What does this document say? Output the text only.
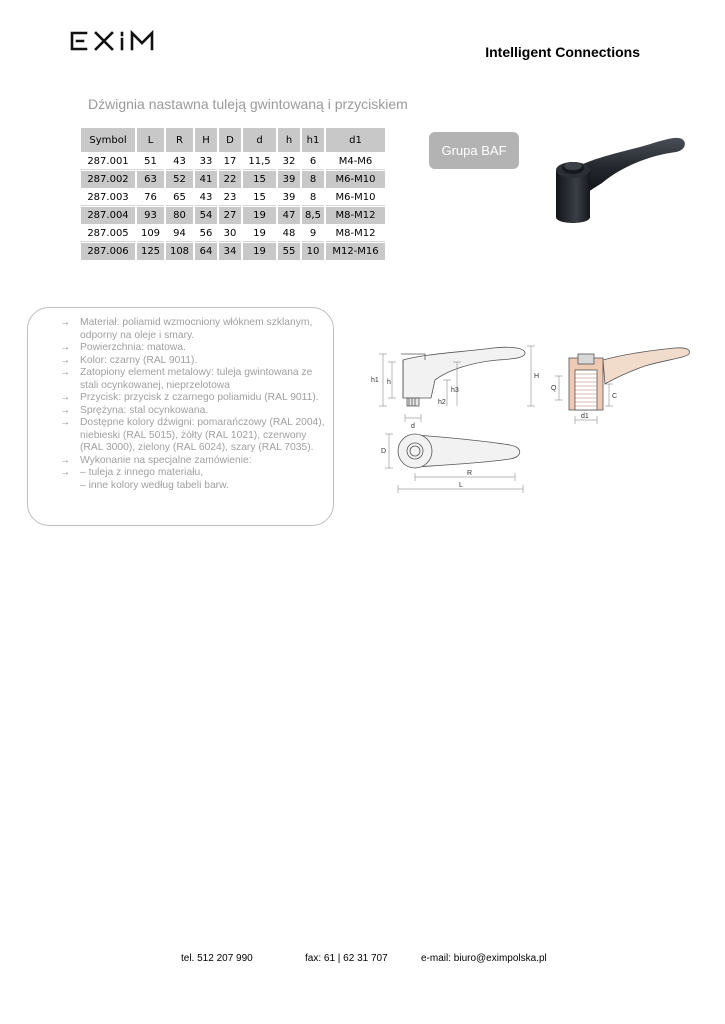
Intelligent Connections
Dźwignia nastawna tuleją gwintowaną i przyciskiem
Symbol	L	R	H	D	d	h	h1	d1
287.001	51	43	33	17	11,5	32	6	M4-M6
287.002	63	52	41	22	15	39	8	M6-M10
287.003	76	65	43	23	15	39	8	M6-M10
287.004	93	80	54	27	19	47	8,5	M8-M12
287.005	109	94	56	30	19	48	9	M8-M12
287.006	125	108	64	34	19	55	10	M12-M16
Grupa BAF
→ Materiał: poliamid wzmocniony włóknem szklanym, odporny na oleje i smary.
→ Powierzchnia: matowa.
→ Kolor: czarny (RAL 9011).
→ Zatopiony element metalowy: tuleja gwintowana ze stali ocynkowanej, nieprzelotowa
→ Przycisk: przycisk z czarnego poliamidu (RAL 9011).
→ Sprężyna: stal ocynkowana.
→ Dostępne kolory dźwigni: pomarańczowy (RAL 2004), niebieski (RAL 5015), żółty (RAL 1021), czerwony (RAL 3000), zielony (RAL 6024), szary (RAL 7035).
→ Wykonanie na specjalne zamówienie:
→ – tuleja z innego materiału,
– inne kolory według tabeli barw.
h1 h
h2
h3
H
d
D
R
L
Q
C
d1
tel. 512 207 990	fax: 61 | 62 31 707	e-mail: biuro@eximpolska.pl
